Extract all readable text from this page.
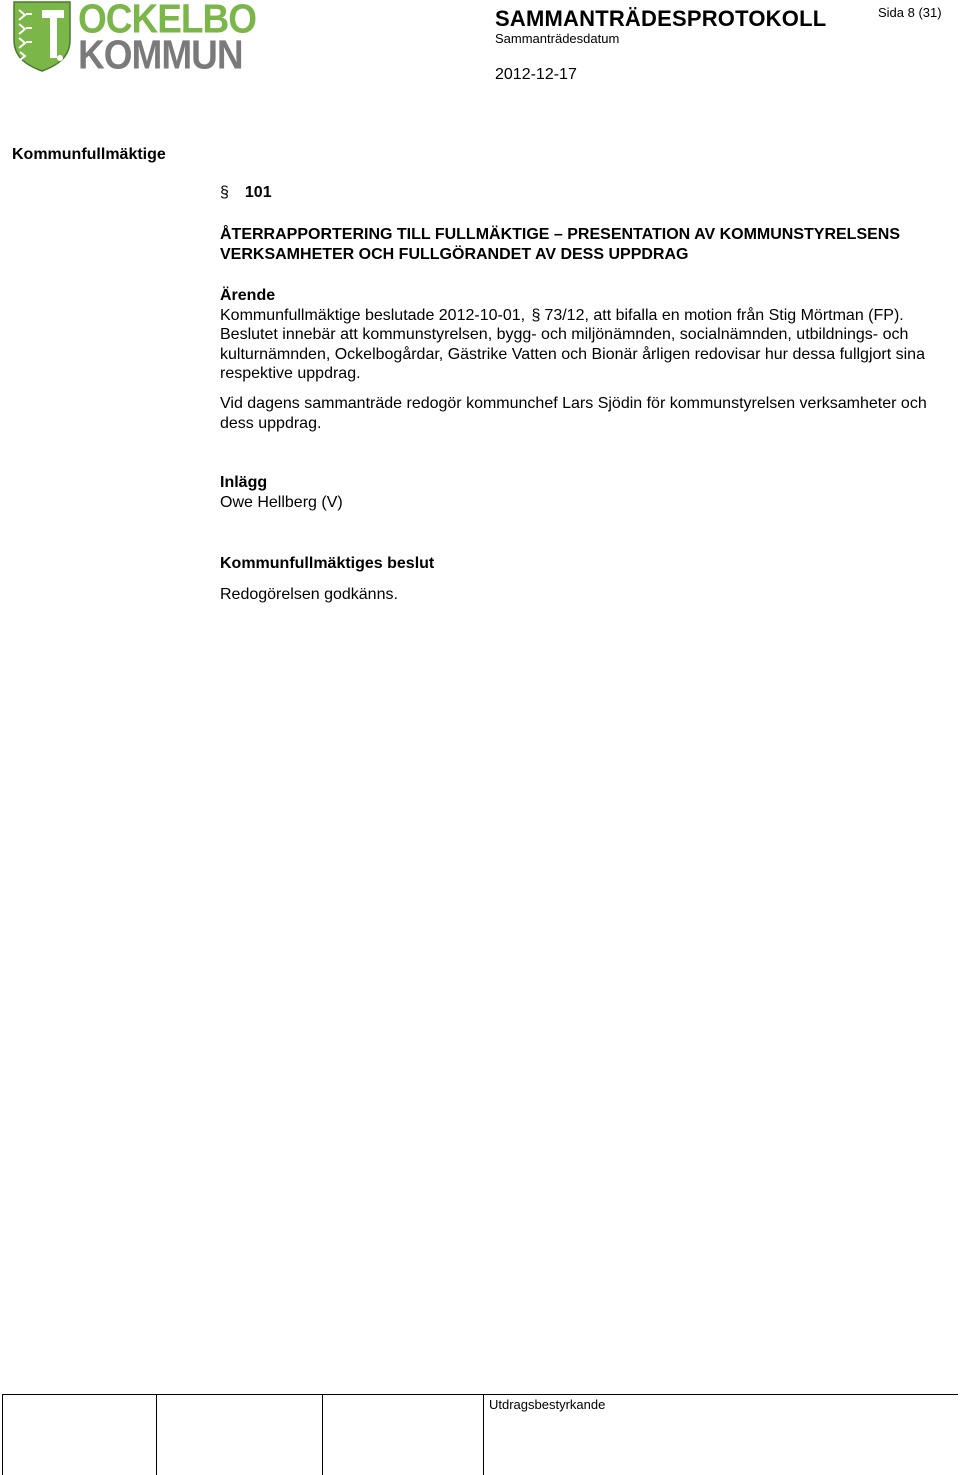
OCKELBO
KOMMUN
SAMMANTRÄDESPROTOKOLL
Sammanträdesdatum
2012-12-17
Sida 8 (31)
Kommunfullmäktige
§ 101
ÅTERRAPPORTERING TILL FULLMÄKTIGE – PRESENTATION AV KOMMUNSTYRELSENS VERKSAMHETER OCH FULLGÖRANDET AV DESS UPPDRAG
Ärende
Kommunfullmäktige beslutade 2012-10-01, § 73/12, att bifalla en motion från Stig Mörtman (FP).
Beslutet innebär att kommunstyrelsen, bygg- och miljönämnden, socialnämnden, utbildnings- och kulturnämnden, Ockelbogårdar, Gästrike Vatten och Bionär årligen redovisar hur dessa fullgjort sina respektive uppdrag.
Vid dagens sammanträde redogör kommunchef Lars Sjödin för kommunstyrelsen verksamheter och dess uppdrag.
Inlägg
Owe Hellberg (V)
Kommunfullmäktiges beslut
Redogörelsen godkänns.
Utdragsbestyrkande
